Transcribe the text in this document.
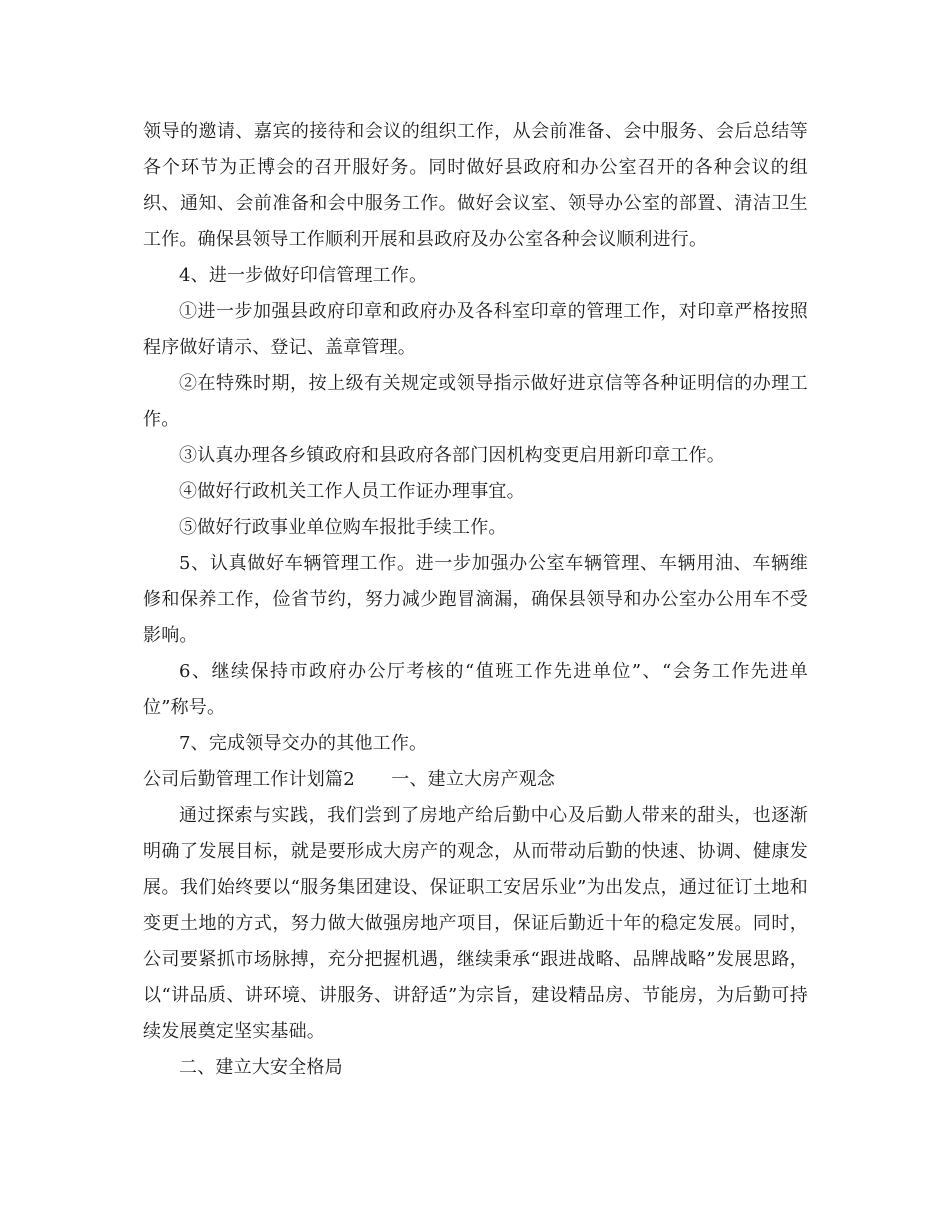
领导的邀请、嘉宾的接待和会议的组织工作，从会前准备、会中服务、会后总结等各个环节为正博会的召开服好务。同时做好县政府和办公室召开的各种会议的组织、通知、会前准备和会中服务工作。做好会议室、领导办公室的部置、清洁卫生工作。确保县领导工作顺利开展和县政府及办公室各种会议顺利进行。

4、进一步做好印信管理工作。

①进一步加强县政府印章和政府办及各科室印章的管理工作，对印章严格按照程序做好请示、登记、盖章管理。

②在特殊时期，按上级有关规定或领导指示做好进京信等各种证明信的办理工作。

③认真办理各乡镇政府和县政府各部门因机构变更启用新印章工作。

④做好行政机关工作人员工作证办理事宜。

⑤做好行政事业单位购车报批手续工作。

5、认真做好车辆管理工作。进一步加强办公室车辆管理、车辆用油、车辆维修和保养工作，俭省节约，努力减少跑冒滴漏，确保县领导和办公室办公用车不受影响。

6、继续保持市政府办公厅考核的“值班工作先进单位”、“会务工作先进单位”称号。

7、完成领导交办的其他工作。

公司后勤管理工作计划篇2　　一、建立大房产观念

通过探索与实践，我们尝到了房地产给后勤中心及后勤人带来的甜头，也逐渐明确了发展目标，就是要形成大房产的观念，从而带动后勤的快速、协调、健康发展。我们始终要以“服务集团建设、保证职工安居乐业”为出发点，通过征订土地和变更土地的方式，努力做大做强房地产项目，保证后勤近十年的稳定发展。同时，公司要紧抓市场脉搏，充分把握机遇，继续秉承“跟进战略、品牌战略”发展思路，以“讲品质、讲环境、讲服务、讲舒适”为宗旨，建设精品房、节能房，为后勤可持续发展奠定坚实基础。

二、建立大安全格局
